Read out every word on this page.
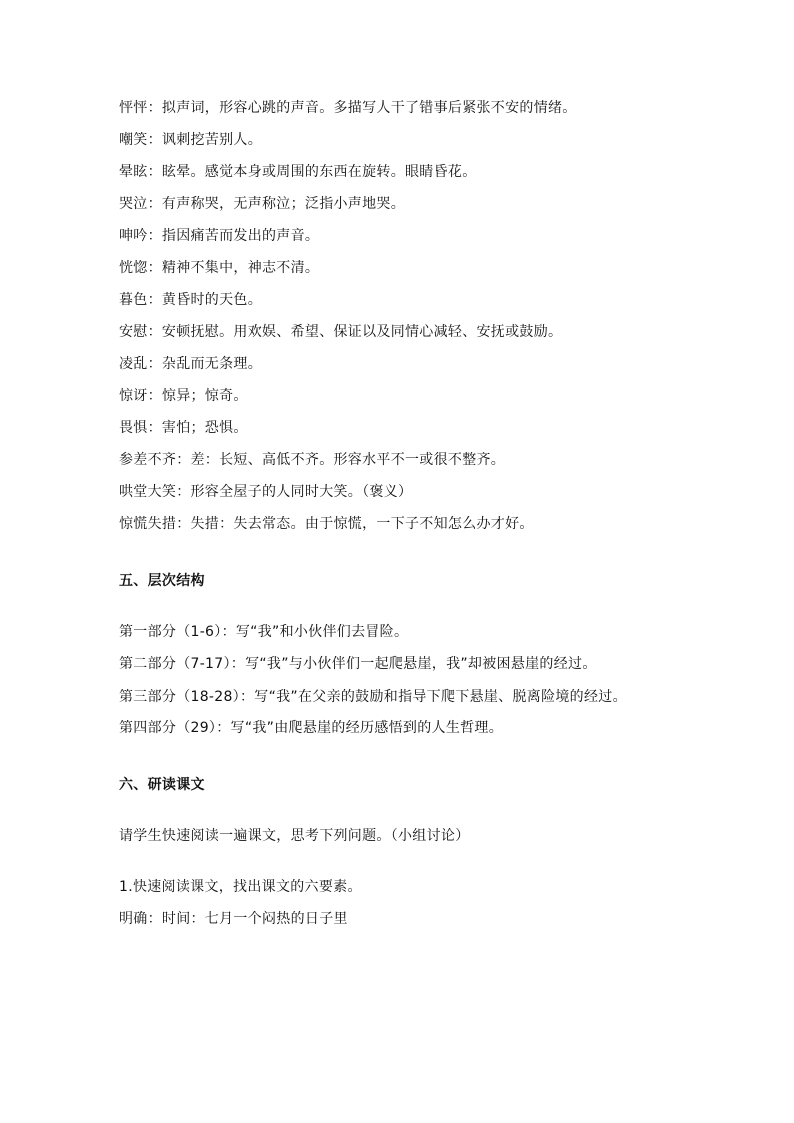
怦怦：拟声词，形容心跳的声音。多描写人干了错事后紧张不安的情绪。
嘲笑：讽刺挖苦别人。
晕眩：眩晕。感觉本身或周围的东西在旋转。眼睛昏花。
哭泣：有声称哭，无声称泣；泛指小声地哭。
呻吟：指因痛苦而发出的声音。
恍惚：精神不集中，神志不清。
暮色：黄昏时的天色。
安慰：安顿抚慰。用欢娱、希望、保证以及同情心减轻、安抚或鼓励。
凌乱：杂乱而无条理。
惊讶：惊异；惊奇。
畏惧：害怕；恐惧。
参差不齐：差：长短、高低不齐。形容水平不一或很不整齐。
哄堂大笑：形容全屋子的人同时大笑。（褒义）
惊慌失措：失措：失去常态。由于惊慌，一下子不知怎么办才好。
五、层次结构
第一部分（1-6）：写“我”和小伙伴们去冒险。
第二部分（7-17）：写“我”与小伙伴们一起爬悬崖，我”却被困悬崖的经过。
第三部分（18-28）：写“我”在父亲的鼓励和指导下爬下悬崖、脱离险境的经过。
第四部分（29）：写“我”由爬悬崖的经历感悟到的人生哲理。
六、研读课文
请学生快速阅读一遍课文，思考下列问题。（小组讨论）
1.快速阅读课文，找出课文的六要素。
明确：时间：七月一个闷热的日子里
